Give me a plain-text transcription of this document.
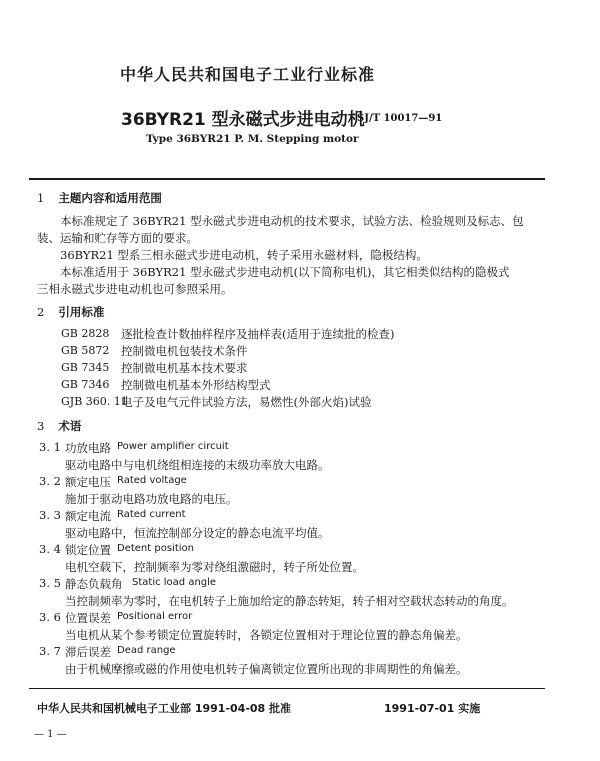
中华人民共和国电子工业行业标准
36BYR21 型永磁式步进电动机
SJ/T 10017—91
Type 36BYR21 P. M. Stepping motor
1 主题内容和适用范围
本标准规定了 36BYR21 型永磁式步进电动机的技术要求，试验方法、检验规则及标志、包
装、运输和贮存等方面的要求。
36BYR21 型系三相永磁式步进电动机，转子采用永磁材料，隐极结构。
本标准适用于 36BYR21 型永磁式步进电动机(以下简称电机)，其它相类似结构的隐极式
三相永磁式步进电动机也可参照采用。
2 引用标准
GB 2828 逐批检查计数抽样程序及抽样表(适用于连续批的检查)
GB 5872 控制微电机包装技术条件
GB 7345 控制微电机基本技术要求
GB 7346 控制微电机基本外形结构型式
GJB 360. 11
电子及电气元件试验方法，易燃性(外部火焰)试验
3 术语
3. 1 功放电路 Power amplifier circuit
驱动电路中与电机绕组相连接的末级功率放大电路。
3. 2 额定电压 Rated voltage
施加于驱动电路功放电路的电压。
3. 3 额定电流 Rated current
驱动电路中，恒流控制部分设定的静态电流平均值。
3. 4 锁定位置 Detent position
电机空载下，控制频率为零对绕组激磁时，转子所处位置。
3. 5 静态负载角 Static load angle
当控制频率为零时，在电机转子上施加给定的静态转矩，转子相对空载状态转动的角度。
3. 6 位置误差 Positional error
当电机从某个参考锁定位置旋转时，各锁定位置相对于理论位置的静态角偏差。
3. 7 滞后误差 Dead range
由于机械摩擦或磁的作用使电机转子偏离锁定位置所出现的非周期性的角偏差。
中华人民共和国机械电子工业部 1991-04-08 批准	1991-07-01 实施
— 1 —
